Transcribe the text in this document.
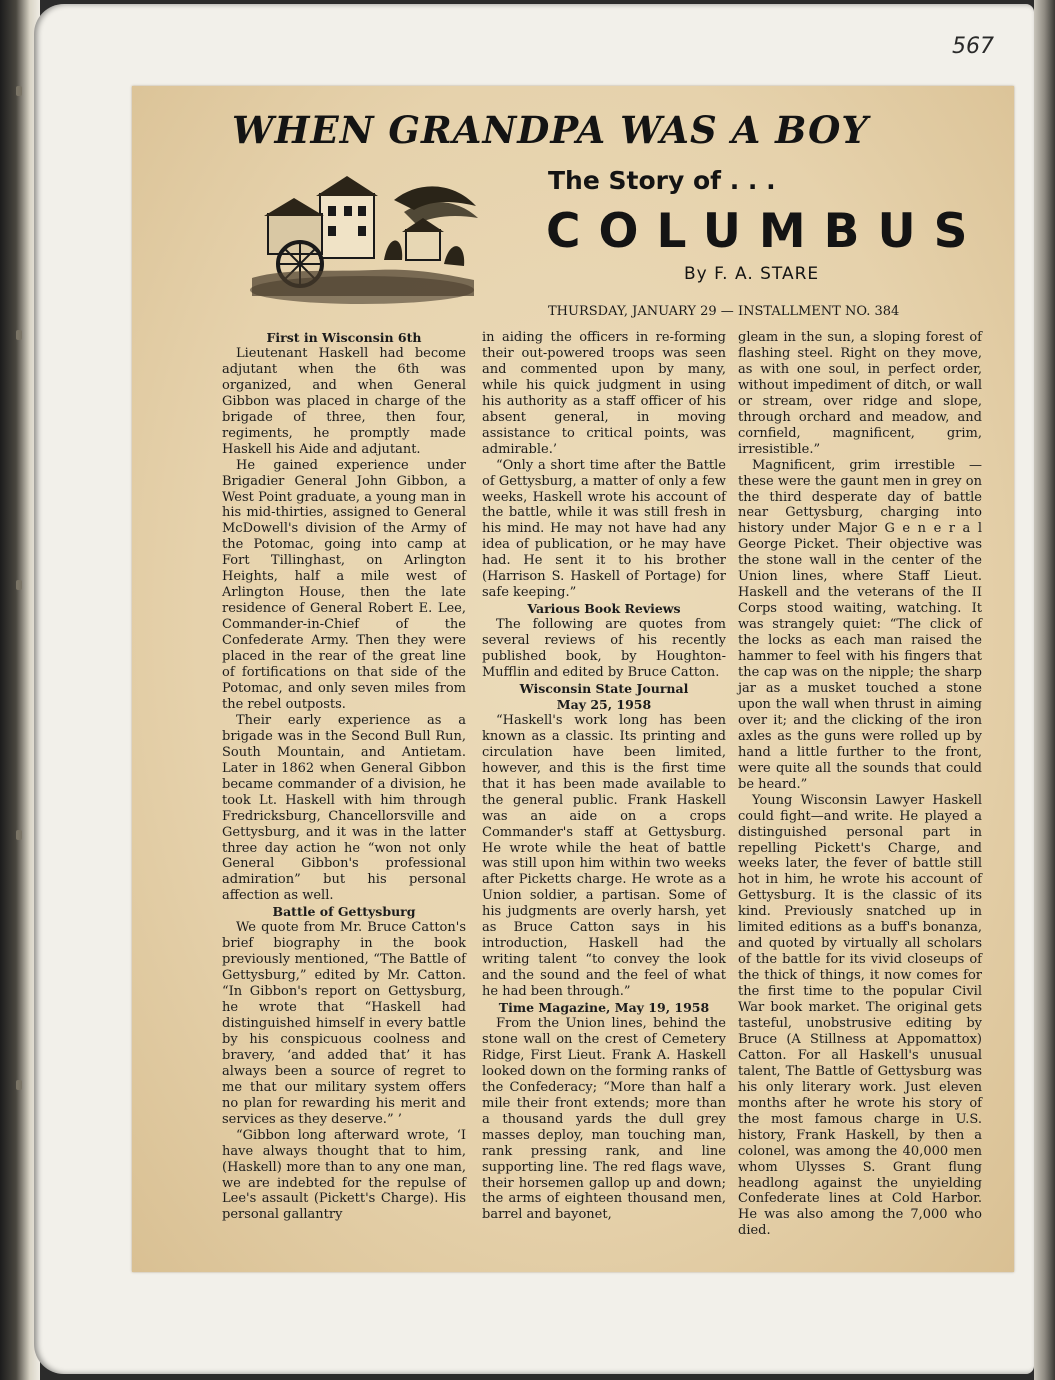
567
WHEN GRANDPA WAS A BOY
The Story of . . .
COLUMBUS
By F. A. STARE
THURSDAY, JANUARY 29 — INSTALLMENT NO. 384

First in Wisconsin 6th

Lieutenant Haskell had become adjutant when the 6th was organized, and when General Gibbon was placed in charge of the brigade of three, then four, regiments, he promptly made Haskell his Aide and adjutant.

He gained experience under Brigadier General John Gibbon, a West Point graduate, a young man in his mid-thirties, assigned to General McDowell's division of the Army of the Potomac, going into camp at Fort Tillinghast, on Arlington Heights, half a mile west of Arlington House, then the late residence of General Robert E. Lee, Commander-in-Chief of the Confederate Army. Then they were placed in the rear of the great line of fortifications on that side of the Potomac, and only seven miles from the rebel outposts.

Their early experience as a brigade was in the Second Bull Run, South Mountain, and Antietam. Later in 1862 when General Gibbon became commander of a division, he took Lt. Haskell with him through Fredricksburg, Chancellorsville and Gettysburg, and it was in the latter three day action he “won not only General Gibbon's professional admiration” but his personal affection as well.

Battle of Gettysburg

We quote from Mr. Bruce Catton's brief biography in the book previously mentioned, “The Battle of Gettysburg,” edited by Mr. Catton. “In Gibbon's report on Gettysburg, he wrote that “Haskell had distinguished himself in every battle by his conspicuous coolness and bravery, ‘and added that’ it has always been a source of regret to me that our military system offers no plan for rewarding his merit and services as they deserve.” ’

“Gibbon long afterward wrote, ‘I have always thought that to him, (Haskell) more than to any one man, we are indebted for the repulse of Lee's assault (Pickett's Charge). His personal gallantry

in aiding the officers in re-forming their out-powered troops was seen and commented upon by many, while his quick judgment in using his authority as a staff officer of his absent general, in moving assistance to critical points, was admirable.’

“Only a short time after the Battle of Gettysburg, a matter of only a few weeks, Haskell wrote his account of the battle, while it was still fresh in his mind. He may not have had any idea of publication, or he may have had. He sent it to his brother (Harrison S. Haskell of Portage) for safe keeping.”

Various Book Reviews

The following are quotes from several reviews of his recently published book, by Houghton-Mufflin and edited by Bruce Catton.

Wisconsin State Journal

May 25, 1958

“Haskell's work long has been known as a classic. Its printing and circulation have been limited, however, and this is the first time that it has been made available to the general public. Frank Haskell was an aide on a crops Commander's staff at Gettysburg. He wrote while the heat of battle was still upon him within two weeks after Picketts charge. He wrote as a Union soldier, a partisan. Some of his judgments are overly harsh, yet as Bruce Catton says in his introduction, Haskell had the writing talent “to convey the look and the sound and the feel of what he had been through.”

Time Magazine, May 19, 1958

From the Union lines, behind the stone wall on the crest of Cemetery Ridge, First Lieut. Frank A. Haskell looked down on the forming ranks of the Confederacy; “More than half a mile their front extends; more than a thousand yards the dull grey masses deploy, man touching man, rank pressing rank, and line supporting line. The red flags wave, their horsemen gallop up and down; the arms of eighteen thousand men, barrel and bayonet,

gleam in the sun, a sloping forest of flashing steel. Right on they move, as with one soul, in perfect order, without impediment of ditch, or wall or stream, over ridge and slope, through orchard and meadow, and cornfield, magnificent, grim, irresistible.”

Magnificent, grim irrestible — these were the gaunt men in grey on the third desperate day of battle near Gettysburg, charging into history under Major G e n e r a l George Picket. Their objective was the stone wall in the center of the Union lines, where Staff Lieut. Haskell and the veterans of the II Corps stood waiting, watching. It was strangely quiet: “The click of the locks as each man raised the hammer to feel with his fingers that the cap was on the nipple; the sharp jar as a musket touched a stone upon the wall when thrust in aiming over it; and the clicking of the iron axles as the guns were rolled up by hand a little further to the front, were quite all the sounds that could be heard.”

Young Wisconsin Lawyer Haskell could fight—and write. He played a distinguished personal part in repelling Pickett's Charge, and weeks later, the fever of battle still hot in him, he wrote his account of Gettysburg. It is the classic of its kind. Previously snatched up in limited editions as a buff's bonanza, and quoted by virtually all scholars of the battle for its vivid closeups of the thick of things, it now comes for the first time to the popular Civil War book market. The original gets tasteful, unobstrusive editing by Bruce (A Stillness at Appomattox) Catton. For all Haskell's unusual talent, The Battle of Gettysburg was his only literary work. Just eleven months after he wrote his story of the most famous charge in U.S. history, Frank Haskell, by then a colonel, was among the 40,000 men whom Ulysses S. Grant flung headlong against the unyielding Confederate lines at Cold Harbor. He was also among the 7,000 who died.
